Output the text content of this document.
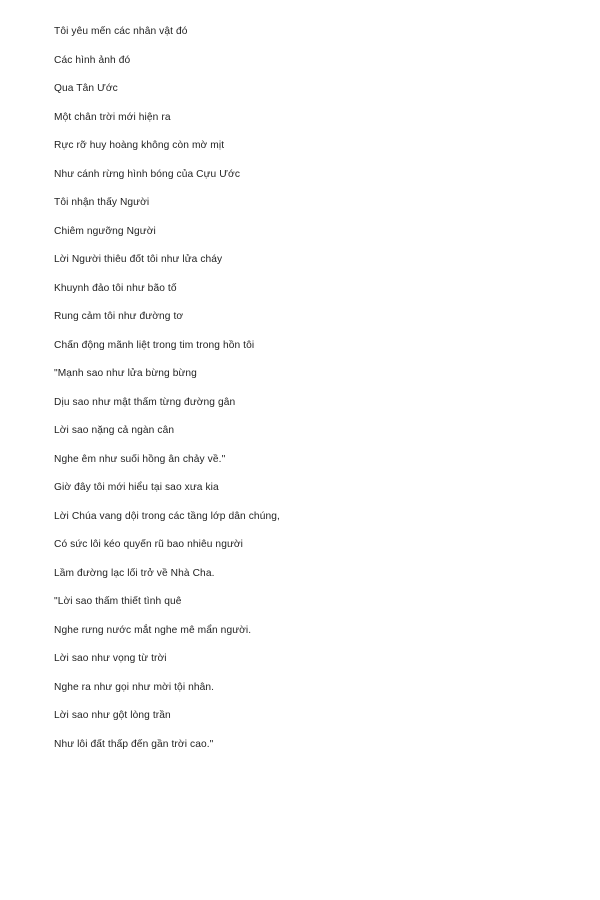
Tôi yêu mến các nhân vật đó
Các hình ảnh đó
Qua Tân Ước
Một chân trời mới hiện ra
Rực rỡ huy hoàng không còn mờ mịt
Như cánh rừng hình bóng của Cựu Ước
Tôi nhận thấy Người
Chiêm ngưỡng Người
Lời Người thiêu đốt tôi như lửa cháy
Khuynh đảo tôi như bão tố
Rung cảm tôi như đường tơ
Chấn động mãnh liệt trong tim trong hồn tôi
"Mạnh sao như lửa bừng bừng
Dịu sao như mật thấm từng đường gân
Lời sao nặng cả ngàn cân
Nghe êm như suối hồng ân chảy về."
Giờ đây tôi mới hiểu tại sao xưa kia
Lời Chúa vang dội trong các tầng lớp dân chúng,
Có sức lôi kéo quyến rũ bao nhiêu người
Lầm đường lạc lối trở về Nhà Cha.
"Lời sao thấm thiết tình quê
Nghe rưng nước mắt nghe mê mẩn người.
Lời sao như vọng từ trời
Nghe ra như gọi như mời tội nhân.
Lời sao như gột lòng trần
Như lôi đất thấp đến gần trời cao."
